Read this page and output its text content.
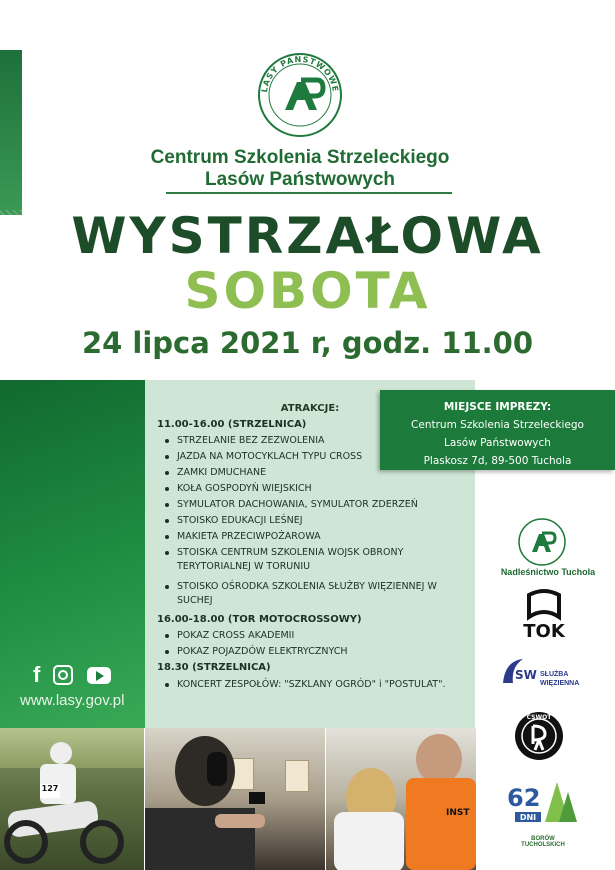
LASY PAŃSTWOWE
Centrum Szkolenia Strzeleckiego
Lasów Państwowych
WYSTRZAŁOWA
SOBOTA
24 lipca 2021 r, godz. 11.00
f
www.lasy.gov.pl
ATRAKCJE:
11.00-16.00 (STRZELNICA)
STRZELANIE BEZ ZEZWOLENIA
JAZDA NA MOTOCYKLACH TYPU CROSS
ZAMKI DMUCHANE
KOŁA GOSPODYŃ WIEJSKICH
SYMULATOR DACHOWANIA, SYMULATOR ZDERZEŃ
STOISKO EDUKACJI LEŚNEJ
MAKIETA PRZECIWPOŻAROWA
STOISKA CENTRUM SZKOLENIA WOJSK OBRONY TERYTORIALNEJ W TORUNIU
STOISKO OŚRODKA SZKOLENIA SŁUŻBY WIĘZIENNEJ W SUCHEJ
16.00-18.00 (TOR MOTOCROSSOWY)
POKAZ CROSS AKADEMII
POKAZ POJAZDÓW ELEKTRYCZNYCH
18.30 (STRZELNICA)
KONCERT ZESPOŁÓW: "SZKLANY OGRÓD" i "POSTULAT".
MIEJSCE IMPREZY:
Centrum Szkolenia Strzeleckiego
Lasów Państwowych
Plaskosz 7d, 89-500 Tuchola
Nadleśnictwo Tuchola
TOK
SW SŁUŻBA
WIĘZIENNA
CSWOT
62
DNI
BORÓW TUCHOLSKICH
127
INST
